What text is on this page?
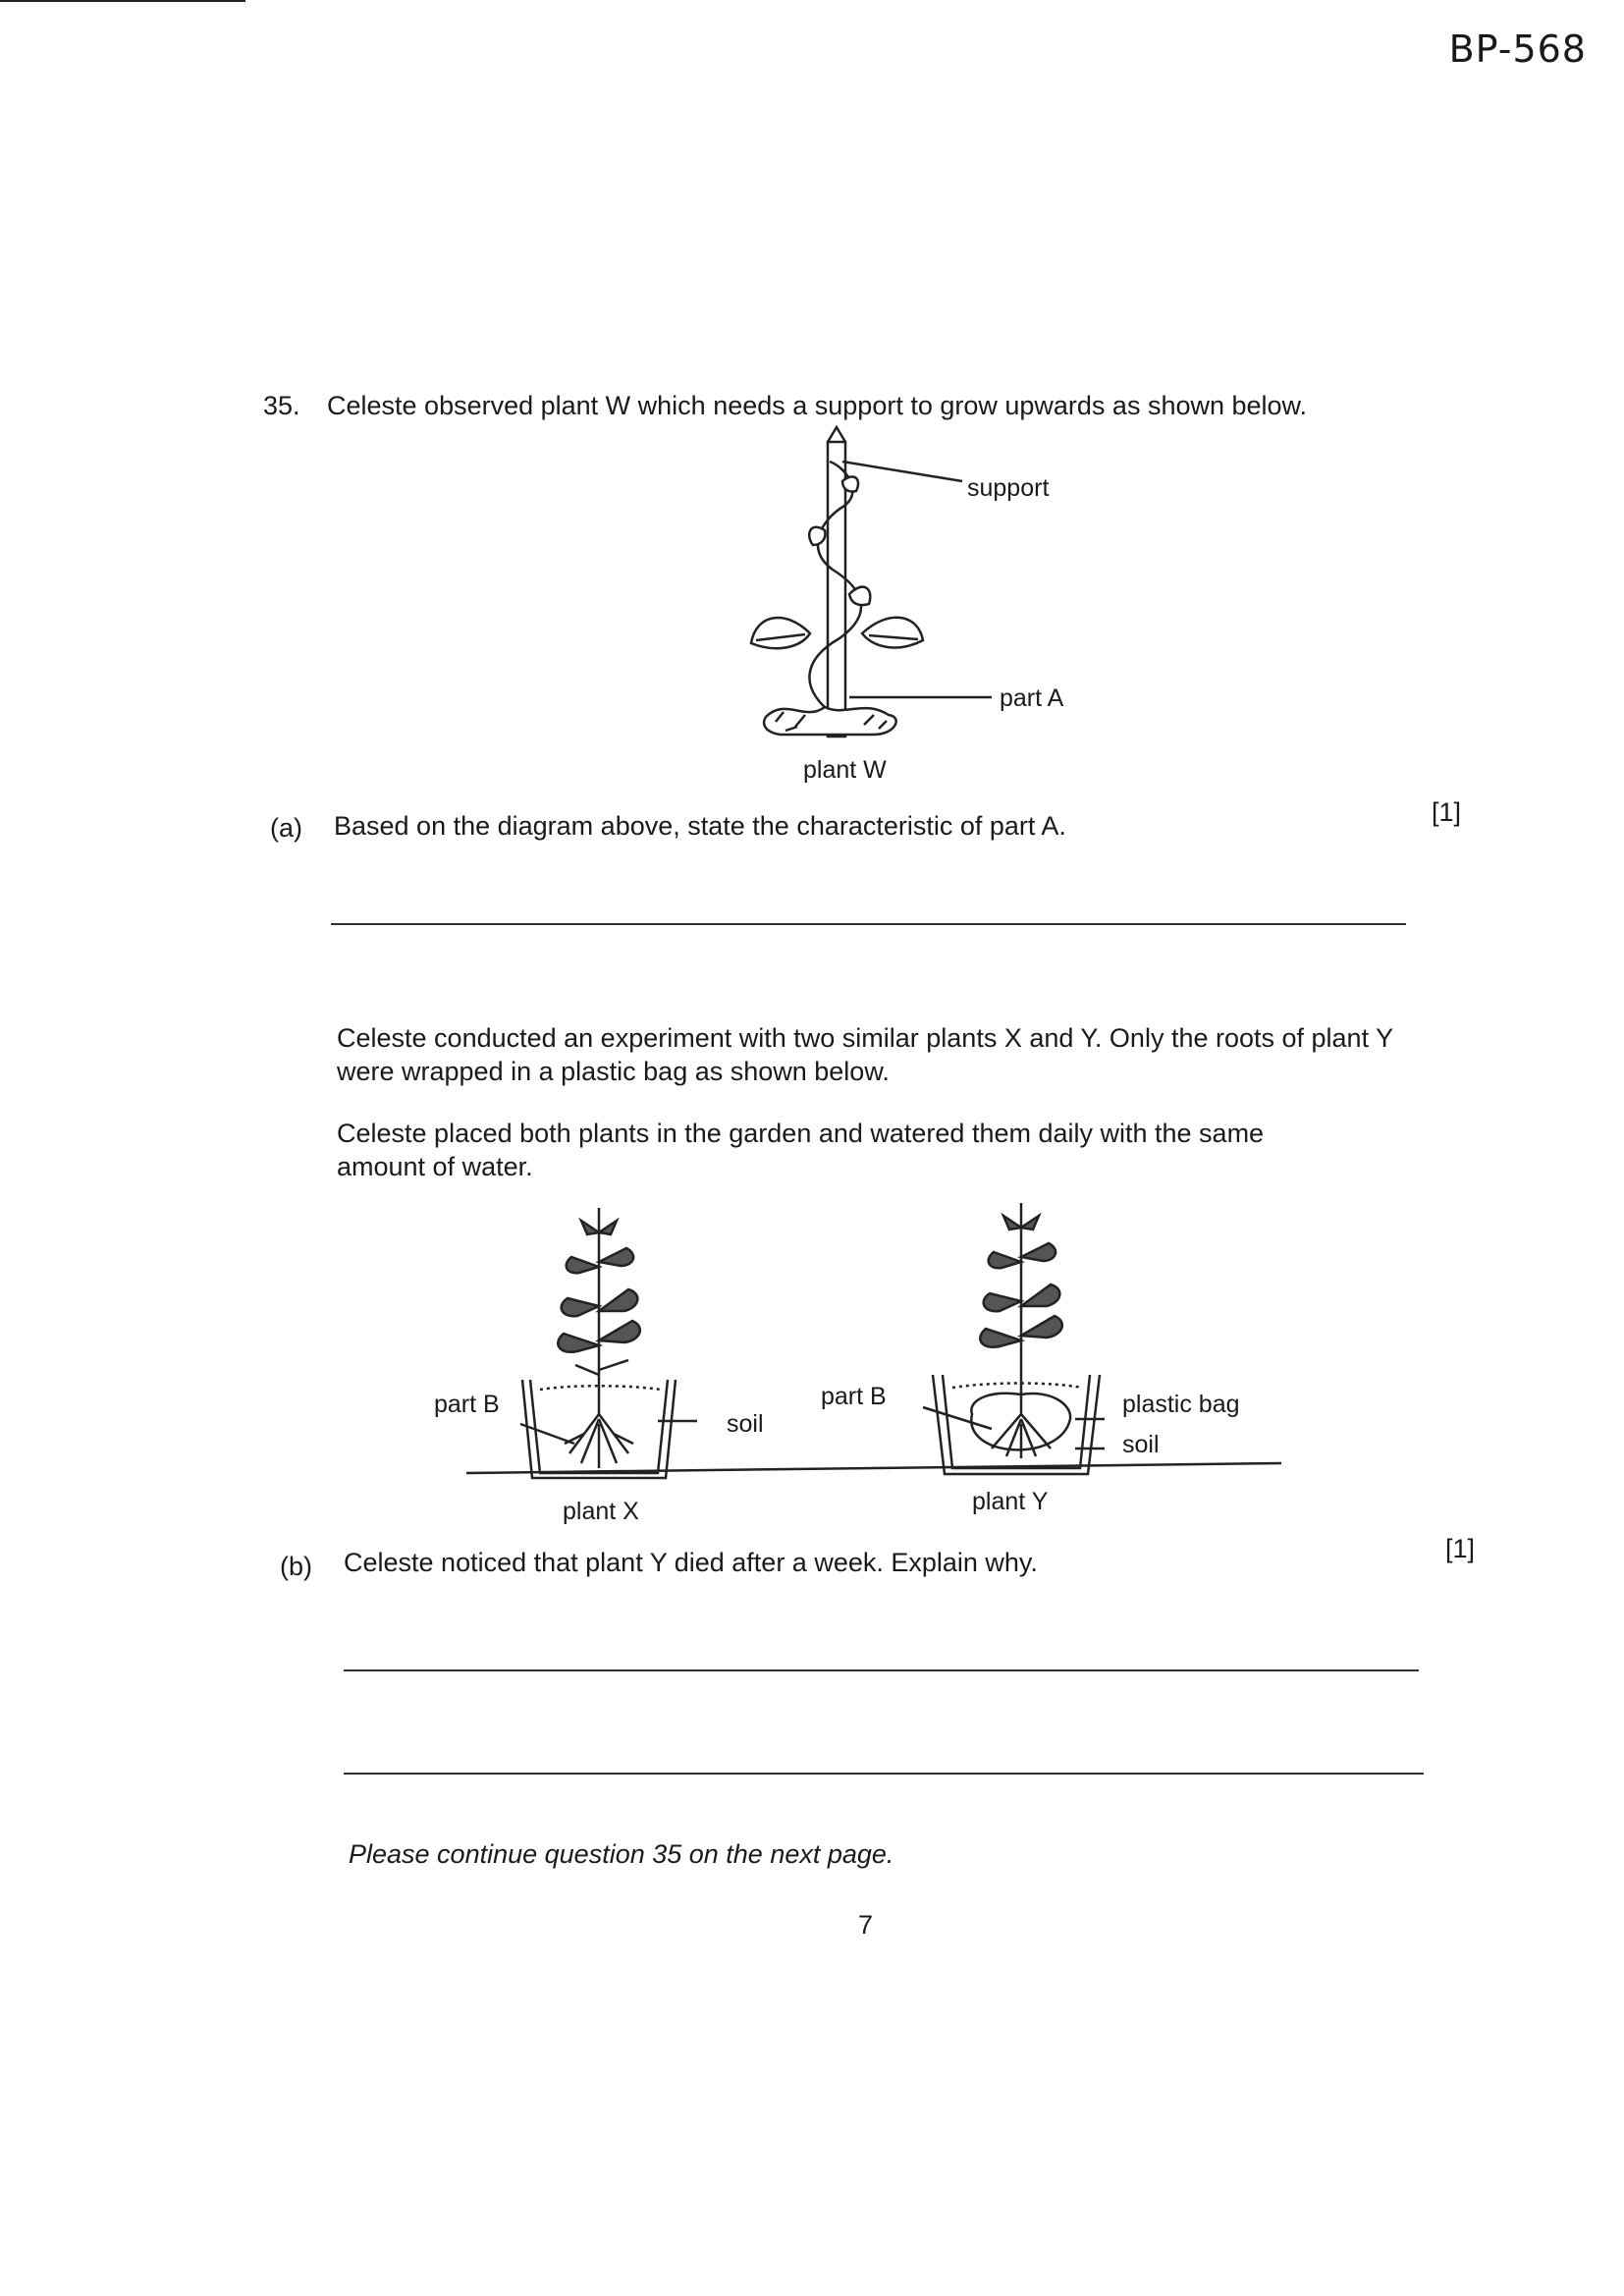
BP-568
35. Celeste observed plant W which needs a support to grow upwards as shown below.
support
part A
plant W
(a) Based on the diagram above, state the characteristic of part A.	[1]
Celeste conducted an experiment with two similar plants X and Y. Only the roots of plant Y were wrapped in a plastic bag as shown below.
Celeste placed both plants in the garden and watered them daily with the same amount of water.
part B
soil
plant X
part B	plastic bag
soil
plant Y
(b) Celeste noticed that plant Y died after a week. Explain why.	[1]
Please continue question 35 on the next page.
7
